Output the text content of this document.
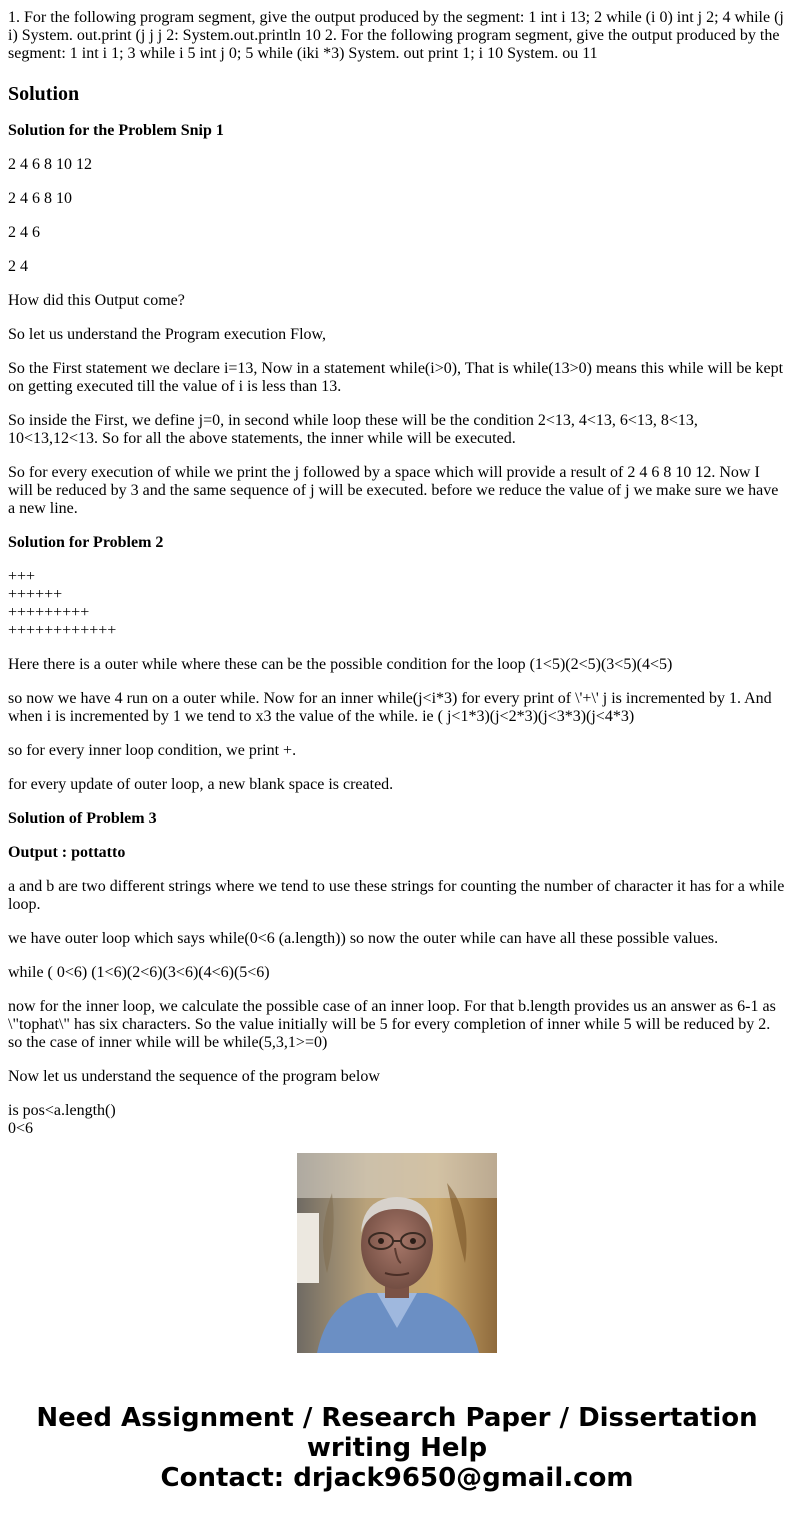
1. For the following program segment, give the output produced by the segment: 1 int i 13; 2 while (i 0) int j 2; 4 while (j i) System. out.print (j j j 2: System.out.println 10 2. For the following program segment, give the output produced by the segment: 1 int i 1; 3 while i 5 int j 0; 5 while (iki *3) System. out print 1; i 10 System. ou 11

Solution

Solution for the Problem Snip 1

2 4 6 8 10 12

2 4 6 8 10

2 4 6

2 4

How did this Output come?

So let us understand the Program execution Flow,

So the First statement we declare i=13, Now in a statement while(i>0), That is while(13>0) means this while will be kept on getting executed till the value of i is less than 13.

So inside the First, we define j=0, in second while loop these will be the condition 2<13, 4<13, 6<13, 8<13, 10<13,12<13. So for all the above statements, the inner while will be executed.

So for every execution of while we print the j followed by a space which will provide a result of 2 4 6 8 10 12. Now I will be reduced by 3 and the same sequence of j will be executed. before we reduce the value of j we make sure we have a new line.

Solution for Problem 2

+++
++++++
+++++++++
++++++++++++

Here there is a outer while where these can be the possible condition for the loop (1<5)(2<5)(3<5)(4<5)

so now we have 4 run on a outer while. Now for an inner while(j<i*3) for every print of \'+\' j is incremented by 1. And when i is incremented by 1 we tend to x3 the value of the while. ie ( j<1*3)(j<2*3)(j<3*3)(j<4*3)

so for every inner loop condition, we print +.

for every update of outer loop, a new blank space is created.

Solution of Problem 3

Output : pottatto

a and b are two different strings where we tend to use these strings for counting the number of character it has for a while loop.

we have outer loop which says while(0<6 (a.length)) so now the outer while can have all these possible values.

while ( 0<6) (1<6)(2<6)(3<6)(4<6)(5<6)

now for the inner loop, we calculate the possible case of an inner loop. For that b.length provides us an answer as 6-1 as \"tophat\" has six characters. So the value initially will be 5 for every completion of inner while 5 will be reduced by 2. so the case of inner while will be while(5,3,1>=0)

Now let us understand the sequence of the program below

is pos<a.length()

0<6

Need Assignment / Research Paper / Dissertation
writing Help
Contact: drjack9650@gmail.com
